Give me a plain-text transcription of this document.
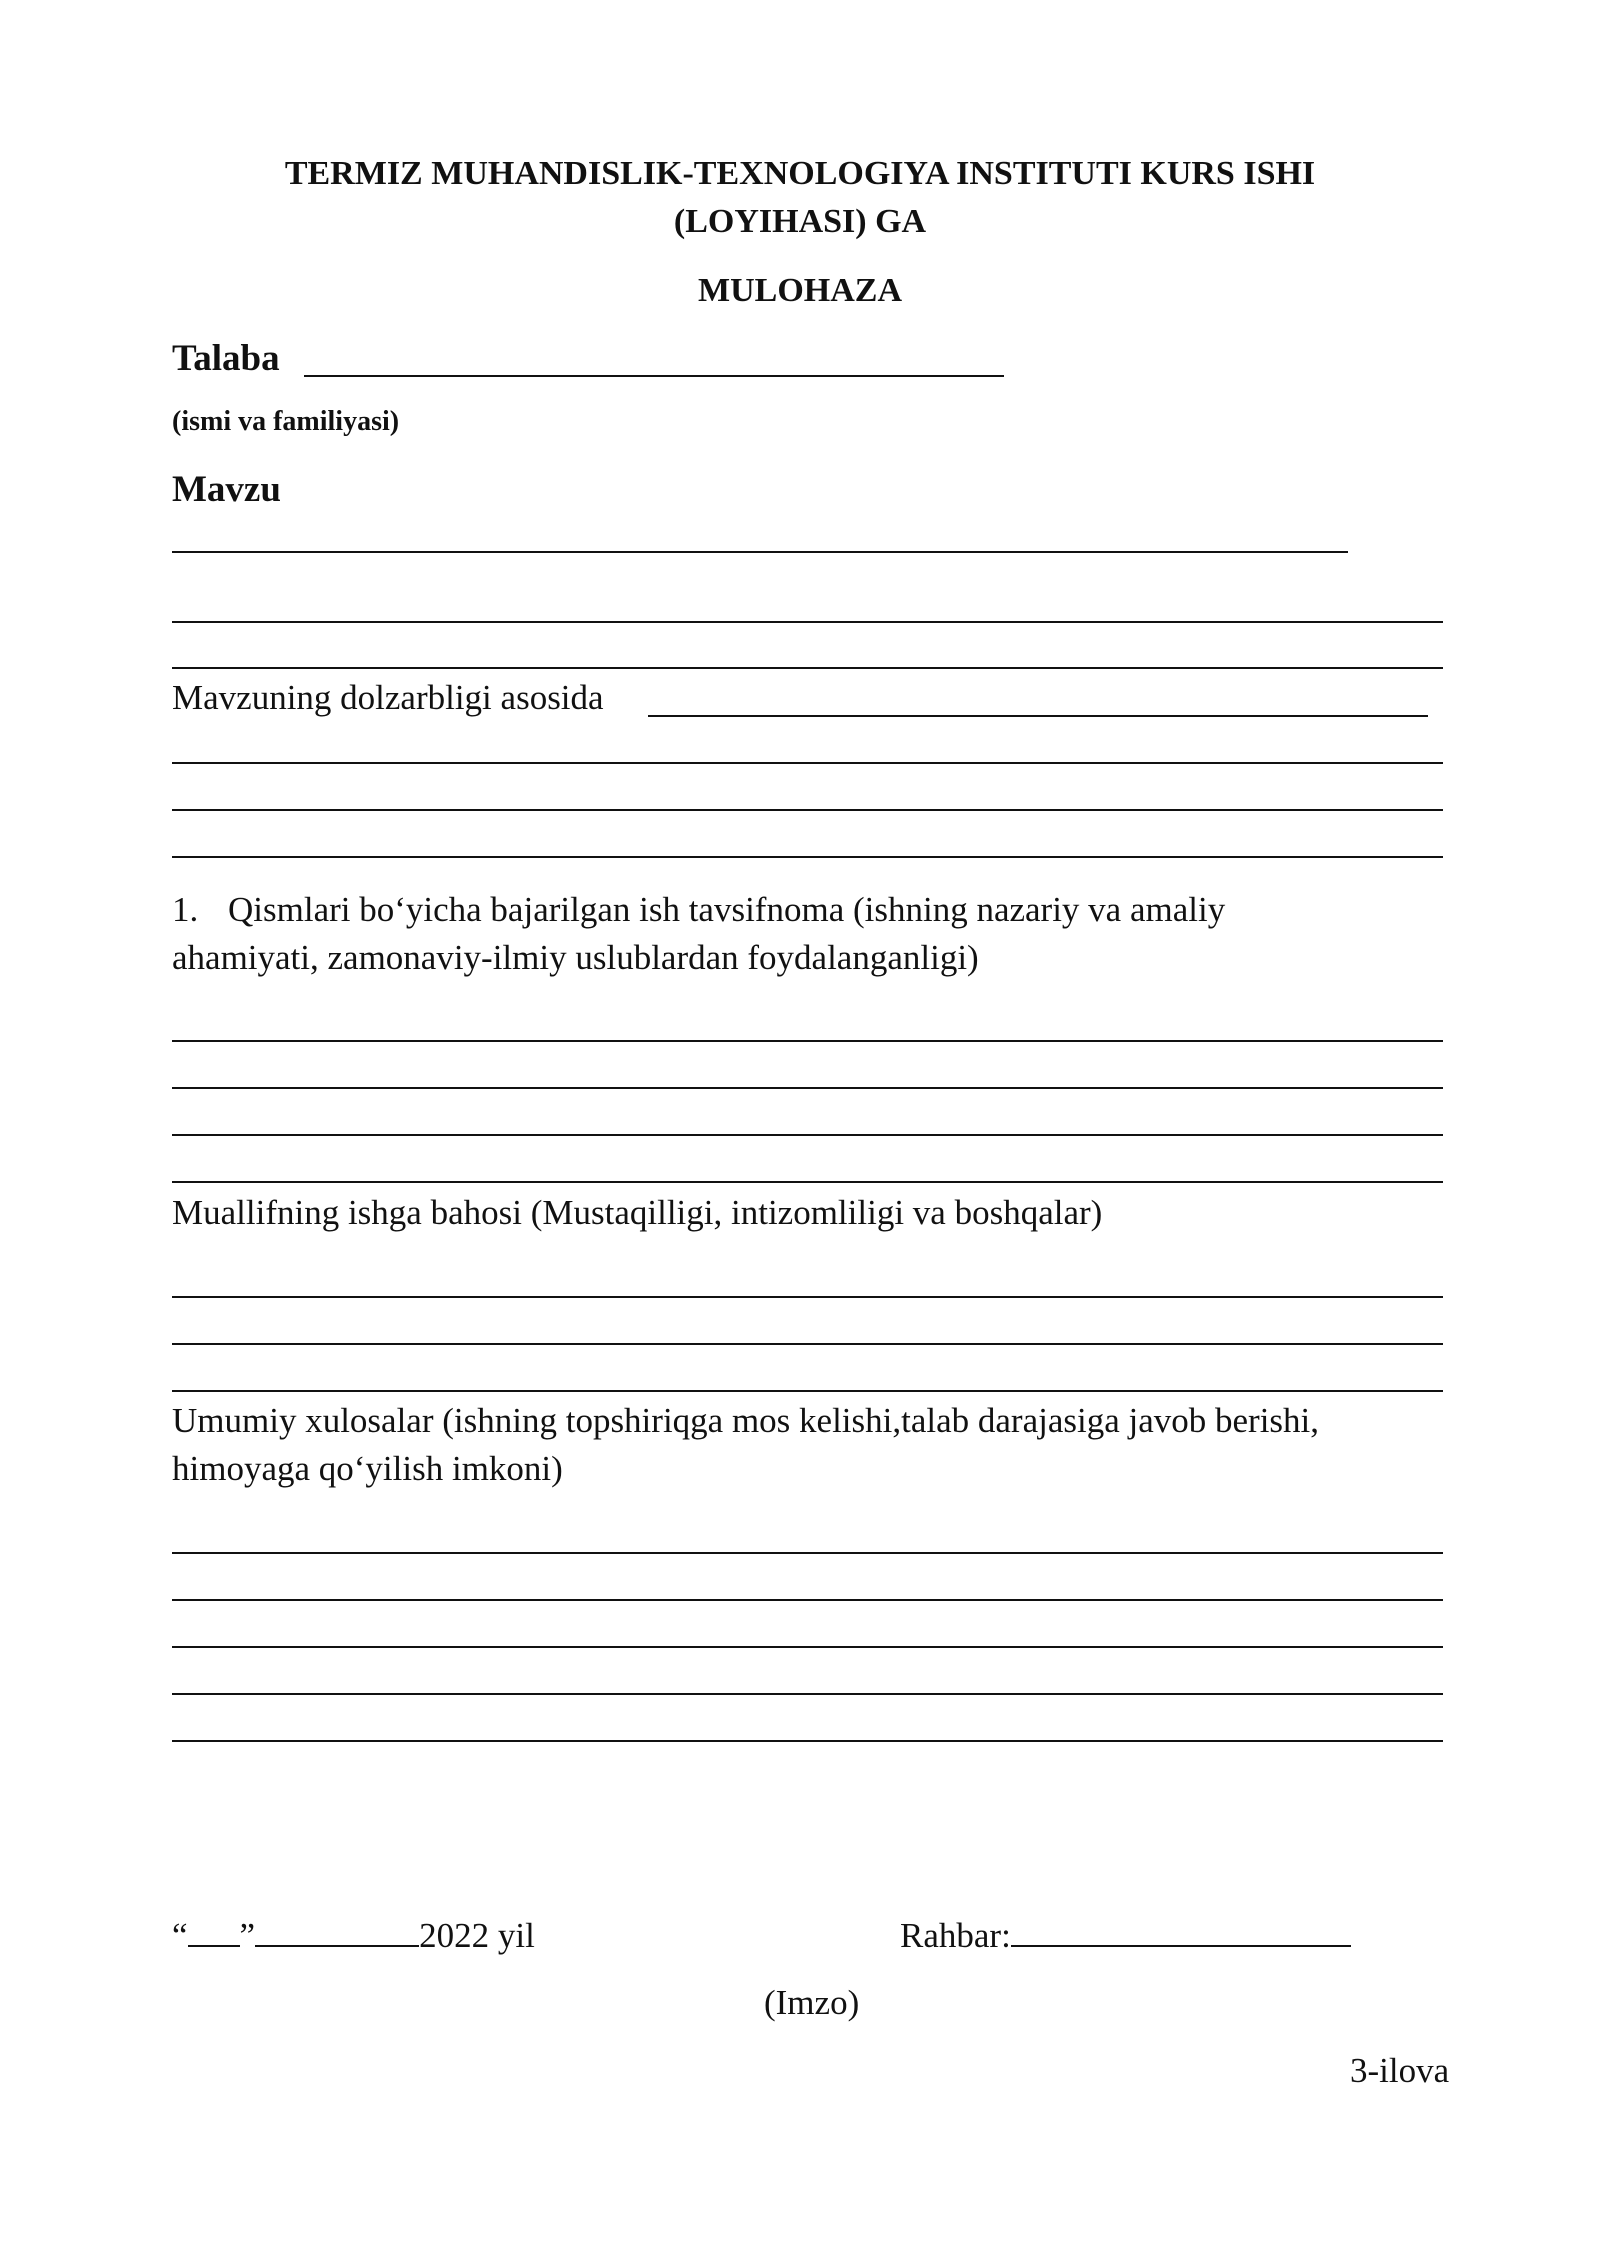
TERMIZ MUHANDISLIK-TEXNOLOGIYA INSTITUTI KURS ISHI
(LOYIHASI) GA
MULOHAZA
Talaba
(ismi va familiyasi)
Mavzu
Mavzuning dolzarbligi asosida
1. Qismlari bo‘yicha bajarilgan ish tavsifnoma (ishning nazariy va amaliy
ahamiyati, zamonaviy-ilmiy uslublardan foydalanganligi)
Muallifning ishga bahosi (Mustaqilligi, intizomliligi va boshqalar)
Umumiy xulosalar (ishning topshiriqga mos kelishi,talab darajasiga javob berishi,
himoyaga qo‘yilish imkoni)
“ ”	2022 yil	Rahbar:
(Imzo)
3-ilova
